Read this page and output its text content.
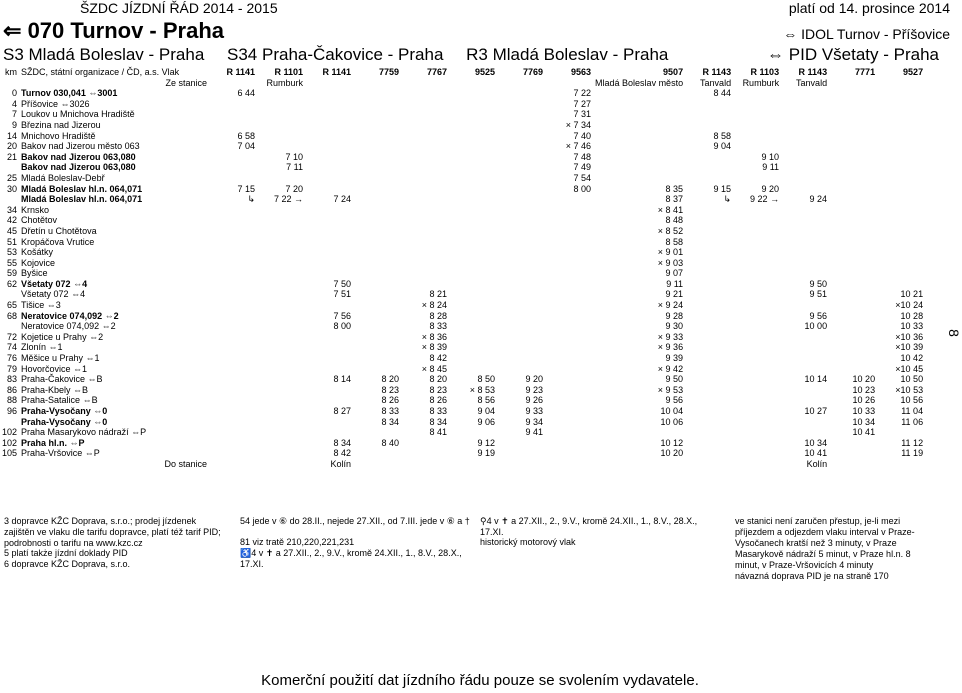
ŠZDC JÍZDNÍ ŘÁD 2014 - 2015	platí od 14. prosince 2014
⇐ 070 Turnov - Praha	⇔ IDOL Turnov - Příšovice
S3 Mladá Boleslav - Praha S34 Praha-Čakovice - Praha R3 Mladá Boleslav - Praha	⇔ PID Všetaty - Praha
km	SŽDC, státní organizace / ČD, a.s. Vlak	R 1141	R 1101	R 1141	7759	7767	9525	7769	9563	9507	R 1143	R 1103	R 1143	7771	9527
	Ze stanice		Rumburk							Mladá Boleslav město	Tanvald	Rumburk	Tanvald		
0	Turnov 030,041 ⇔3001	6 44							7 22		8 44				
4	Příšovice ⇔3026								7 27						
7	Loukov u Mnichova Hradiště								7 31						
9	Březina nad Jizerou								× 7 34						
14	Mnichovo Hradiště	6 58							7 40		8 58				
20	Bakov nad Jizerou město 063	7 04							× 7 46		9 04				
21	Bakov nad Jizerou 063,080		7 10						7 48			9 10			
	Bakov nad Jizerou 063,080		7 11						7 49			9 11			
25	Mladá Boleslav-Debř								7 54						
30	Mladá Boleslav hl.n. 064,071	7 15	7 20						8 00	8 35	9 15	9 20			
	Mladá Boleslav hl.n. 064,071	↳	7 22 →	7 24						8 37	↳	9 22 →	9 24		
34	Krnsko									× 8 41					
42	Chotětov									8 48					
45	Dřetín u Chotětova									× 8 52					
51	Kropáčova Vrutice									8 58					
53	Košátky									× 9 01					
55	Kojovice									× 9 03					
59	Byšice									9 07					
62	Všetaty 072 ⇔4			7 50						9 11			9 50		
	Všetaty 072 ⇔4			7 51		8 21				9 21			9 51		10 21
65	Tišice ⇔3					× 8 24				× 9 24					×10 24
68	Neratovice 074,092 ⇔2			7 56		8 28				9 28			9 56		10 28
	Neratovice 074,092 ⇔2			8 00		8 33				9 30			10 00		10 33
72	Kojetice u Prahy ⇔2					× 8 36				× 9 33					×10 36
74	Zlonín ⇔1					× 8 39				× 9 36					×10 39
76	Měšice u Prahy ⇔1					8 42				9 39					10 42
79	Hovorčovice ⇔1					× 8 45				× 9 42					×10 45
83	Praha-Čakovice ⇔B			8 14	8 20	8 20	8 50	9 20		9 50			10 14	10 20	10 50
86	Praha-Kbely ⇔B				8 23	8 23	× 8 53	9 23		× 9 53				10 23	×10 53
88	Praha-Satalice ⇔B				8 26	8 26	8 56	9 26		9 56				10 26	10 56
96	Praha-Vysočany ⇔0			8 27	8 33	8 33	9 04	9 33		10 04			10 27	10 33	11 04
	Praha-Vysočany ⇔0				8 34	8 34	9 06	9 34		10 06				10 34	11 06
102	Praha Masarykovo nádraží ⇔P					8 41		9 41						10 41	
102	Praha hl.n. ⇔P			8 34	8 40		9 12			10 12			10 34		11 12
105	Praha-Vršovice ⇔P			8 42			9 19			10 20			10 41		11 19
	Do stanice			Kolín									Kolín		
3 dopravce KŽC Doprava, s.r.o.; prodej jízdenek zajištěn ve vlaku dle tarifu dopravce, platí též tarif PID; podrobnosti o tarifu na www.kzc.cz
5 platí także jízdní doklady PID
6 dopravce KŽC Doprava, s.r.o.
54 jede v ⑥ do 28.II., nejede 27.XII., od 7.III. jede v ⑥ a †
81 viz tratě 210,220,221,231
♿4 v ✝ a 27.XII., 2., 9.V., kromě 24.XII., 1., 8.V., 28.X., 17.XI.
⚲4 v ✝ a 27.XII., 2., 9.V., kromě 24.XII., 1., 8.V., 28.X., 17.XI.
historický motorový vlak
ve stanici není zaručen přestup, je-li mezi příjezdem a odjezdem vlaku interval v Praze-Vysočanech kratší než 3 minuty, v Praze Masarykově nádraží 5 minut, v Praze hl.n. 8 minut, v Praze-Vršovicích 4 minuty
návazná doprava PID je na straně 170
Komerční použití dat jízdního řádu pouze se svolením vydavatele.
8
